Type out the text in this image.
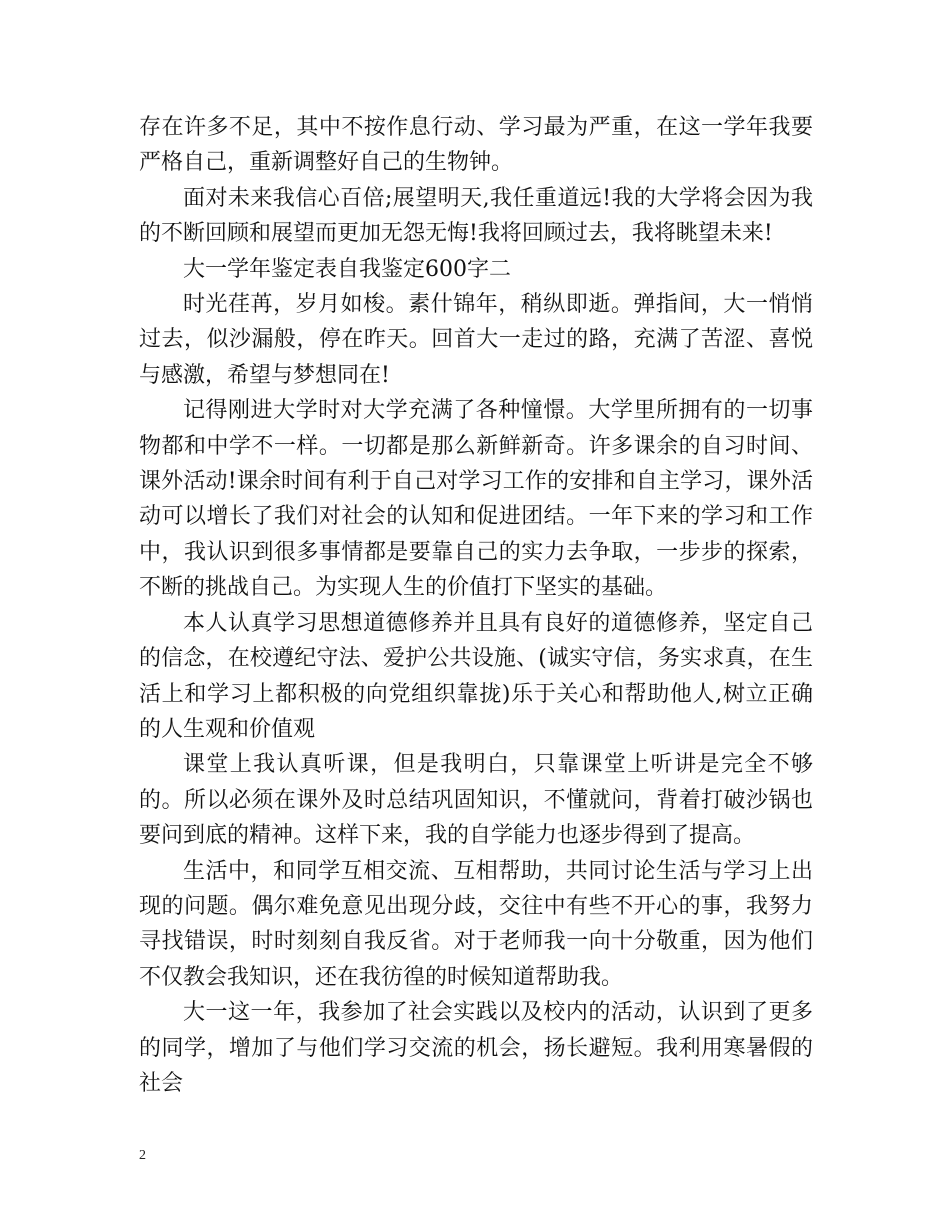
存在许多不足，其中不按作息行动、学习最为严重，在这一学年我要严格自己，重新调整好自己的生物钟。

面对未来我信心百倍;展望明天,我任重道远!我的大学将会因为我的不断回顾和展望而更加无怨无悔!我将回顾过去，我将眺望未来!

大一学年鉴定表自我鉴定600字二

时光荏苒，岁月如梭。素什锦年，稍纵即逝。弹指间，大一悄悄过去，似沙漏般，停在昨天。回首大一走过的路，充满了苦涩、喜悦与感激，希望与梦想同在!

记得刚进大学时对大学充满了各种憧憬。大学里所拥有的一切事物都和中学不一样。一切都是那么新鲜新奇。许多课余的自习时间、课外活动!课余时间有利于自己对学习工作的安排和自主学习，课外活动可以增长了我们对社会的认知和促进团结。一年下来的学习和工作中，我认识到很多事情都是要靠自己的实力去争取，一步步的探索，不断的挑战自己。为实现人生的价值打下坚实的基础。

本人认真学习思想道德修养并且具有良好的道德修养，坚定自己的信念，在校遵纪守法、爱护公共设施、(诚实守信，务实求真，在生活上和学习上都积极的向党组织靠拢)乐于关心和帮助他人,树立正确的人生观和价值观

课堂上我认真听课，但是我明白，只靠课堂上听讲是完全不够的。所以必须在课外及时总结巩固知识，不懂就问，背着打破沙锅也要问到底的精神。这样下来，我的自学能力也逐步得到了提高。

生活中，和同学互相交流、互相帮助，共同讨论生活与学习上出现的问题。偶尔难免意见出现分歧，交往中有些不开心的事，我努力寻找错误，时时刻刻自我反省。对于老师我一向十分敬重，因为他们不仅教会我知识，还在我彷徨的时候知道帮助我。

大一这一年，我参加了社会实践以及校内的活动，认识到了更多的同学，增加了与他们学习交流的机会，扬长避短。我利用寒暑假的社会

2
